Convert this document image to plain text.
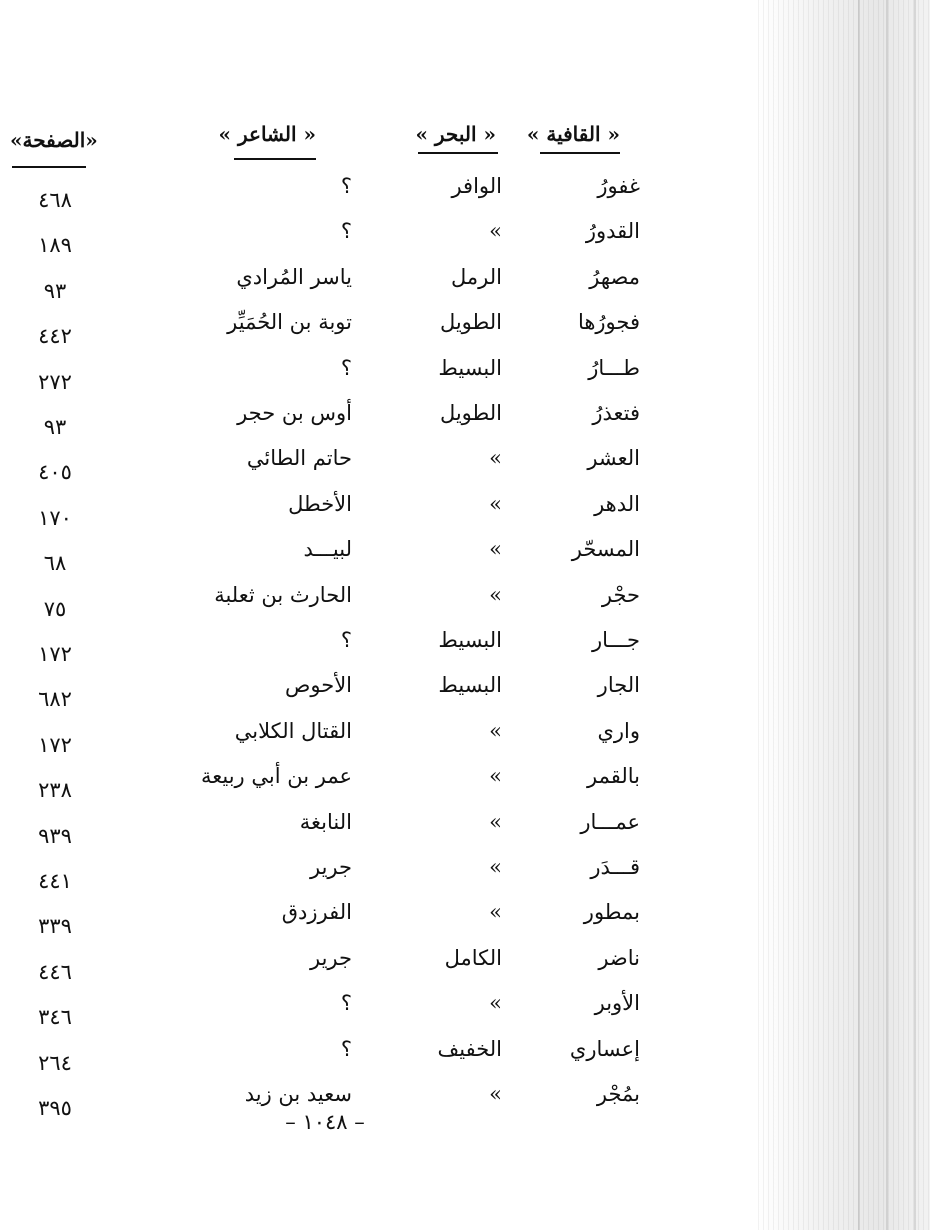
« القافية »
« البحر »
« الشاعر »
«الصفحة»
غفورُ
الوافر
؟
٤٦٨
القدورُ
»
؟
١٨٩
مصهرُ
الرمل
ياسر المُرادي
٩٣
فجورُها
الطويل
توبة بن الحُمَيِّر
٤٤٢
طـــارُ
البسيط
؟
٢٧٢
فتعذرُ
الطويل
أوس بن حجر
٩٣
العشر
»
حاتم الطائي
٤٠٥
الدهر
»
الأخطل
١٧٠
المسحّر
»
لبيـــد
٦٨
حجْر
»
الحارث بن ثعلبة
٧٥
جـــار
البسيط
؟
١٧٢
الجار
البسيط
الأحوص
٦٨٢
واري
»
القتال الكلابي
١٧٢
بالقمر
»
عمر بن أبي ربيعة
٢٣٨
عمـــار
»
النابغة
٩٣٩
قـــدَر
»
جرير
٤٤١
بمطور
»
الفرزدق
٣٣٩
ناضر
الكامل
جرير
٤٤٦
الأوبر
»
؟
٣٤٦
إعساري
الخفيف
؟
٢٦٤
بمُجْر
»
سعيد بن زيد
٣٩٥
– ١٠٤٨ –
